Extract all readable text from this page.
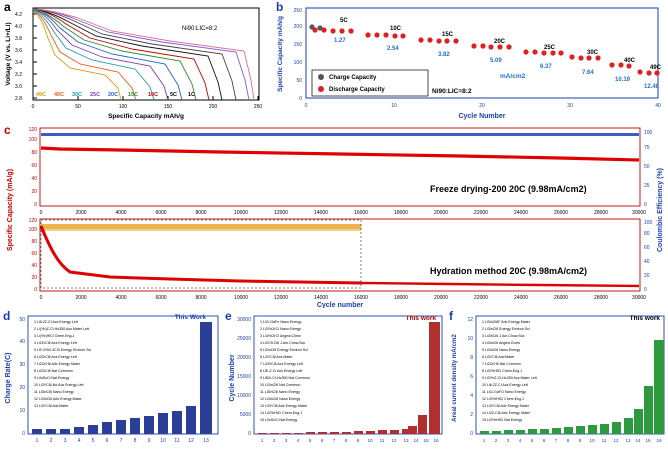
a
2.8
3.0
3.2
3.4
3.6
3.8
4.0
4.2
0	50	100	150	200	250
Ni90:LIC=8:2
49C 40C 30C 25C 20C 15C 10C 5C 1C
Specific Capacity mAh/g
Voltage (V vs. Li+/Li)
b
0
50
100
150
200
250
0	10	20	30	40
5C
1.27
10C
2.54
15C
3.82
20C
5.09
25C
6.37
30C
7.64
40C
10.19
49C
12.48
Charge Capacity
Discharge Capacity
mA/cm2
Ni90:LIC=8:2
Cycle Number
Specific Capacity mAh/g
c
0
20
40
60
80
100
120
0
25
50
75
100
Freeze drying-200 20C (9.98mA/cm2)
0	2000	4000	6000	8000	10000	12000	14000	16000	18000	20000	22000	24000	26000	28000	30000
0
20
40
60
80
100
120
0
20
40
60
80
100
Hydration method 20C (9.98mA/cm2)
0	2000	4000	6000	8000	10000	12000	14000	16000	18000	20000	22000	24000	26000	28000	30000
Cycle number
Specific Capacity (mA/g)	Coulombic Efficiency (%)
d
0
10
20
30
40
50	1 Li6.2Z-Cl Acs Energy Lett
2 Li(Yb)Z-Cl-H≥350 Acs Mater Lett
3 Li(Yb)HfCl Chem.Eng.J
4 Li2ZrCl6 Acs Energy Lett
5 Li0.3Yb0.3Cl3 Energy Environ Sci
6 Li3ZrCl6 Acs Energy Lett
7 Li2ZrCl6 Adv Energy Mater
8 Li2ZrCl6 Nat Commun
9 LiInScCl Nat Energy
10 Li3YCl6-Nd Acs Energy Lett
11 Li3InCl6 Nano Energy
12 Li3InCl6 Adv Energy Mater
13 Li3YCl6 Adv.Mater
This Work
1 2 3 4 5 6 7 8 9 10 11 12 13
Charge Rate(C)
e
0
5000
10000
15000
20000
25000
30000	1 LiCl-GaFe Nano Energy
2 Li3YbZrCl Nano Energy
3 Li3YbZrCl Angew.Chew
4 Li3YZrCl6 J.Am.Chow.Soc
5 Li3InCl6 Energy Environ Sci
6 Li3YCl6 Acs Mater
7 Li2ZrCl6 Acs Energy Lett
8 LiE-Z-Cl Acs Energy Lett
9 Li6Zr-Cl-H≥350 Nat Commun
10 Li3InCl6 Nat Commun
11 Li3InCl6 Nano Energy
12 Li3InCl6 Nano Energy
13 Li3YCl6 Adv Energy Mater
14 Li3YbHfCl Chem.Eng.J
15 LiInScCl Nat Energy
This work
1 2 3 4 5 6 7 8 9 10 11 12 13 14 15 16
Cycle Number
f
0
2
4
6
8
10
12	1 Li3InCl6F Adv Energy Mater
2 Li3InCl6 Energy Environ Sci
3 Li3InCl6 J.Am.Chow.Soc
4 Li3InCl6 Angew.Chew
5 Li3InCl6 Nano Energy
6 Li3YCl6 Adv.Mater
7 Li2ZrCl6 Nat Commun
8 Li3YbHfCl Chem.Eng.J
9 Li3YbZ-Cl-H≥350 Acs Mater Lett
10 Li6.2Z-Cl Acs Energy Lett
11 LiCl-GaFO Nano Energy
12 Li3YbHfCl Chem.Eng.J
13 Li3YCl6 Adv Energy Mater
14 Li2Z-Cl6 Adv Energy Mater
15 Li3YbHfCl Nat Energy
This work
1 2 3 4 5 6 7 8 9 10 11 12 13 14 15 16
Areal current density mA/cm2
